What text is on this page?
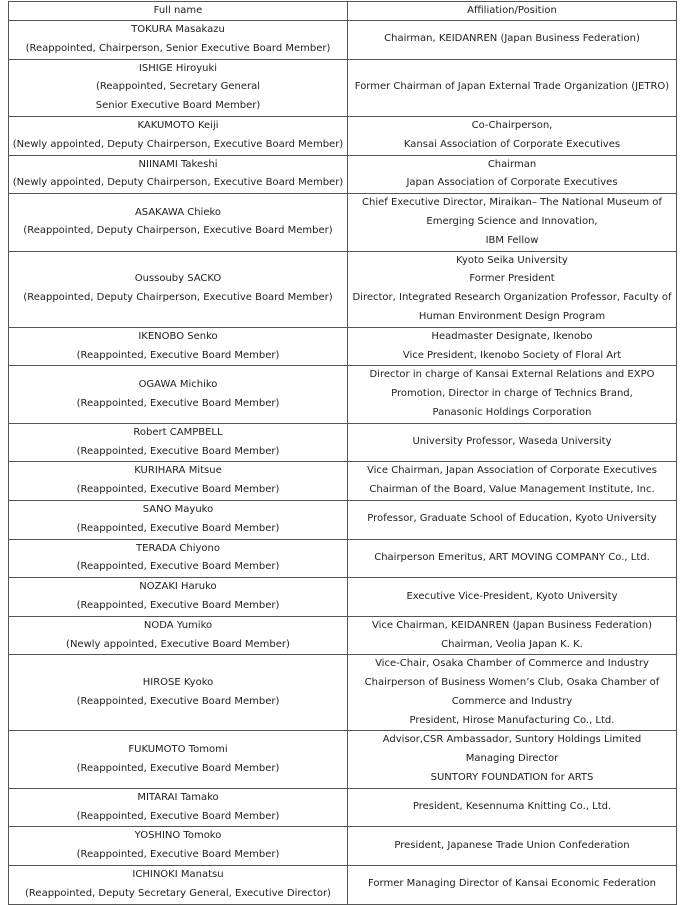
Full name	Affiliation/Position

TOKURA Masakazu
(Reappointed, Chairperson, Senior Executive Board Member)	Chairman, KEIDANREN (Japan Business Federation)

ISHIGE Hiroyuki
(Reappointed, Secretary General
Senior Executive Board Member)	Former Chairman of Japan External Trade Organization (JETRO)

KAKUMOTO Keiji
(Newly appointed, Deputy Chairperson, Executive Board Member)	Co-Chairperson,
Kansai Association of Corporate Executives

NIINAMI Takeshi
(Newly appointed, Deputy Chairperson, Executive Board Member)	Chairman
Japan Association of Corporate Executives

ASAKAWA Chieko
(Reappointed, Deputy Chairperson, Executive Board Member)	Chief Executive Director, Miraikan– The National Museum of
Emerging Science and Innovation,
IBM Fellow

Oussouby SACKO
(Reappointed, Deputy Chairperson, Executive Board Member)	Kyoto Seika University
Former President
Director, Integrated Research Organization Professor, Faculty of
Human Environment Design Program

IKENOBO Senko
(Reappointed, Executive Board Member)	Headmaster Designate, Ikenobo
Vice President, Ikenobo Society of Floral Art

OGAWA Michiko
(Reappointed, Executive Board Member)	Director in charge of Kansai External Relations and EXPO
Promotion, Director in charge of Technics Brand,
Panasonic Holdings Corporation

Robert CAMPBELL
(Reappointed, Executive Board Member)	University Professor, Waseda University

KURIHARA Mitsue
(Reappointed, Executive Board Member)	Vice Chairman, Japan Association of Corporate Executives
Chairman of the Board, Value Management Institute, Inc.

SANO Mayuko
(Reappointed, Executive Board Member)	Professor, Graduate School of Education, Kyoto University

TERADA Chiyono
(Reappointed, Executive Board Member)	Chairperson Emeritus, ART MOVING COMPANY Co., Ltd.

NOZAKI Haruko
(Reappointed, Executive Board Member)	Executive Vice-President, Kyoto University

NODA Yumiko
(Newly appointed, Executive Board Member)	Vice Chairman, KEIDANREN (Japan Business Federation)
Chairman, Veolia Japan K. K.

HIROSE Kyoko
(Reappointed, Executive Board Member)	Vice-Chair, Osaka Chamber of Commerce and Industry
Chairperson of Business Women’s Club, Osaka Chamber of
Commerce and Industry
President, Hirose Manufacturing Co., Ltd.

FUKUMOTO Tomomi
(Reappointed, Executive Board Member)	Advisor,CSR Ambassador, Suntory Holdings Limited
Managing Director
SUNTORY FOUNDATION for ARTS

MITARAI Tamako
(Reappointed, Executive Board Member)	President, Kesennuma Knitting Co., Ltd.

YOSHINO Tomoko
(Reappointed, Executive Board Member)	President, Japanese Trade Union Confederation

ICHINOKI Manatsu
(Reappointed, Deputy Secretary General, Executive Director)	Former Managing Director of Kansai Economic Federation
